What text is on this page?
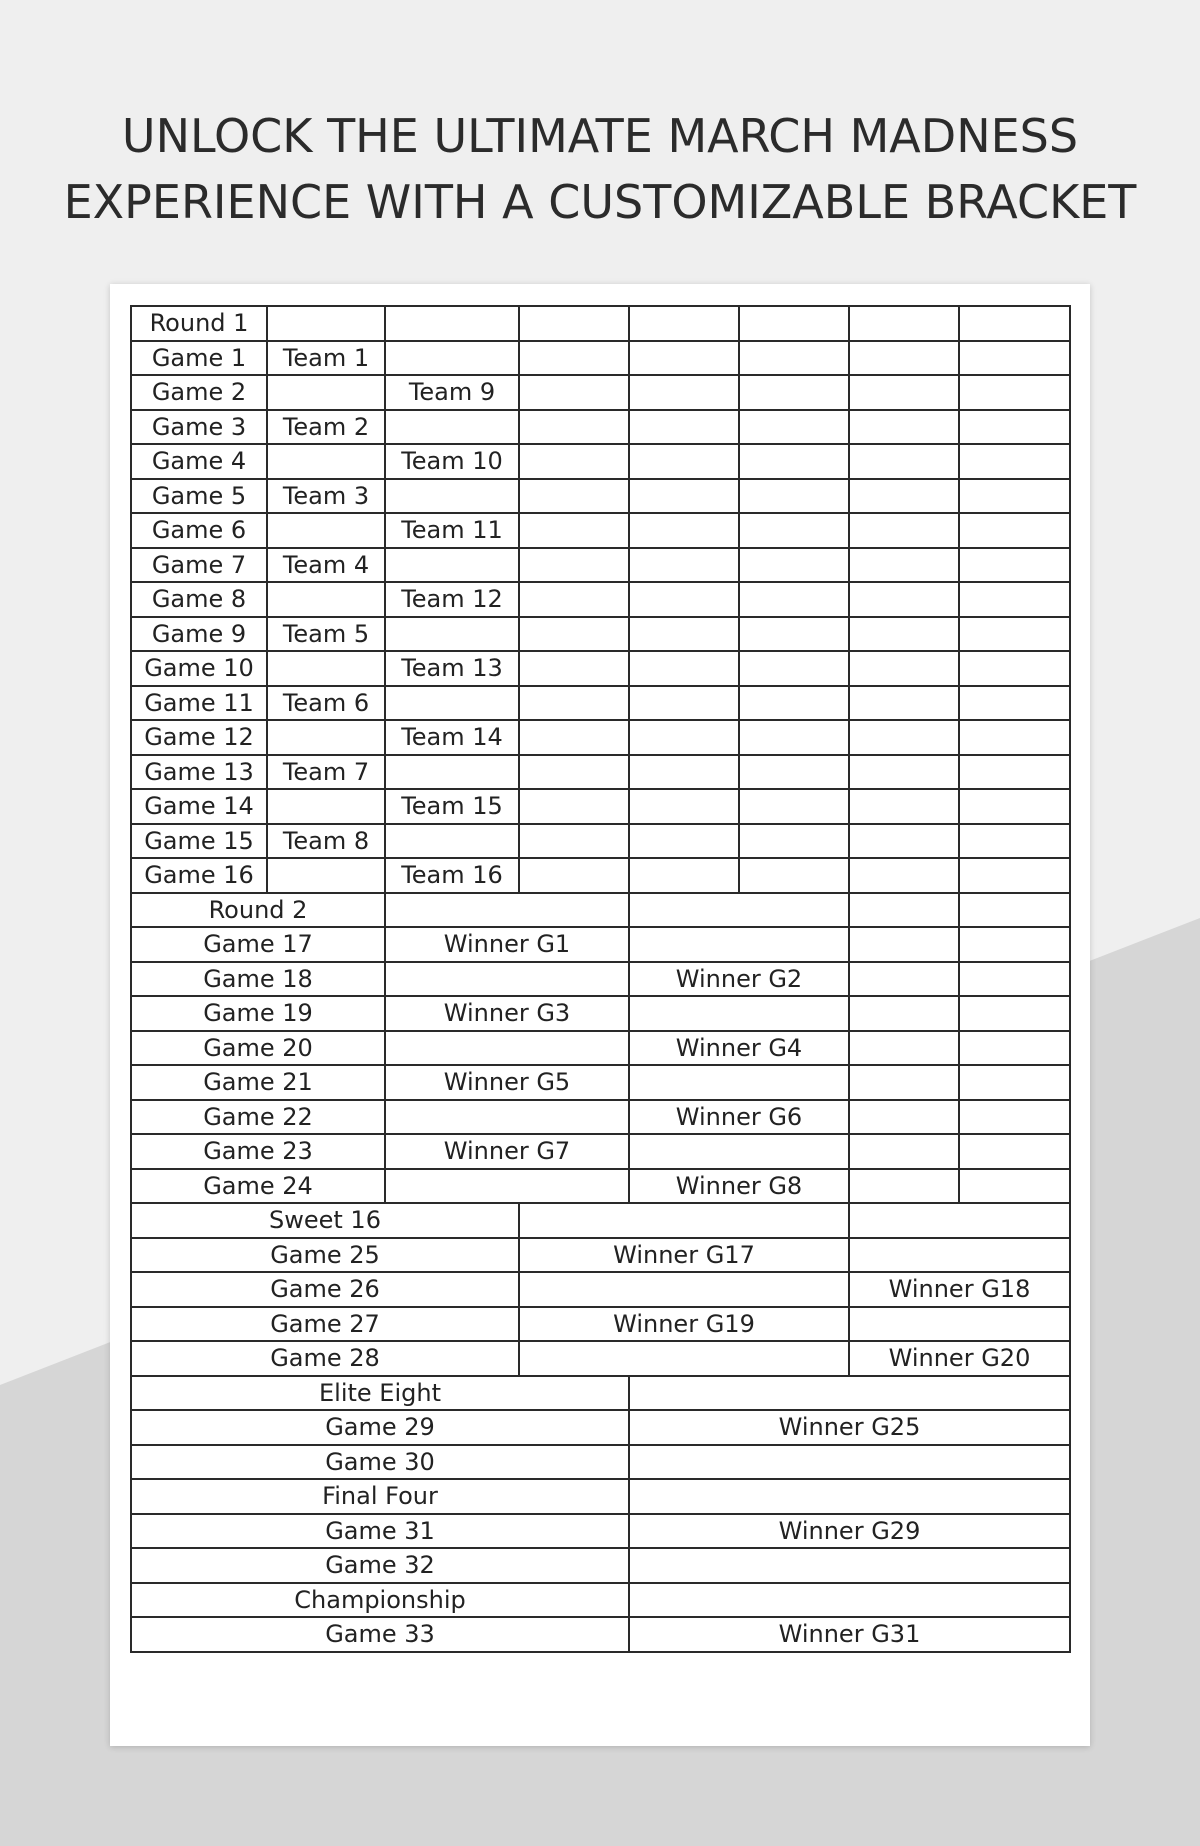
UNLOCK THE ULTIMATE MARCH MADNESS
EXPERIENCE WITH A CUSTOMIZABLE BRACKET
Round 1							
Game 1	Team 1						
Game 2		Team 9					
Game 3	Team 2						
Game 4		Team 10					
Game 5	Team 3						
Game 6		Team 11					
Game 7	Team 4						
Game 8		Team 12					
Game 9	Team 5						
Game 10		Team 13					
Game 11	Team 6						
Game 12		Team 14					
Game 13	Team 7						
Game 14		Team 15					
Game 15	Team 8						
Game 16		Team 16					
Round 2							
Game 17		Winner G1					
Game 18				Winner G2			
Game 19		Winner G3					
Game 20				Winner G4			
Game 21		Winner G5					
Game 22				Winner G6			
Game 23		Winner G7					
Game 24				Winner G8			
Sweet 16							
Game 25			Winner G17				
Game 26						Winner G18	
Game 27			Winner G19				
Game 28						Winner G20	
Elite Eight							
Game 29				Winner G25			
Game 30							
Final Four							
Game 31				Winner G29			
Game 32							
Championship							
Game 33				Winner G31			
